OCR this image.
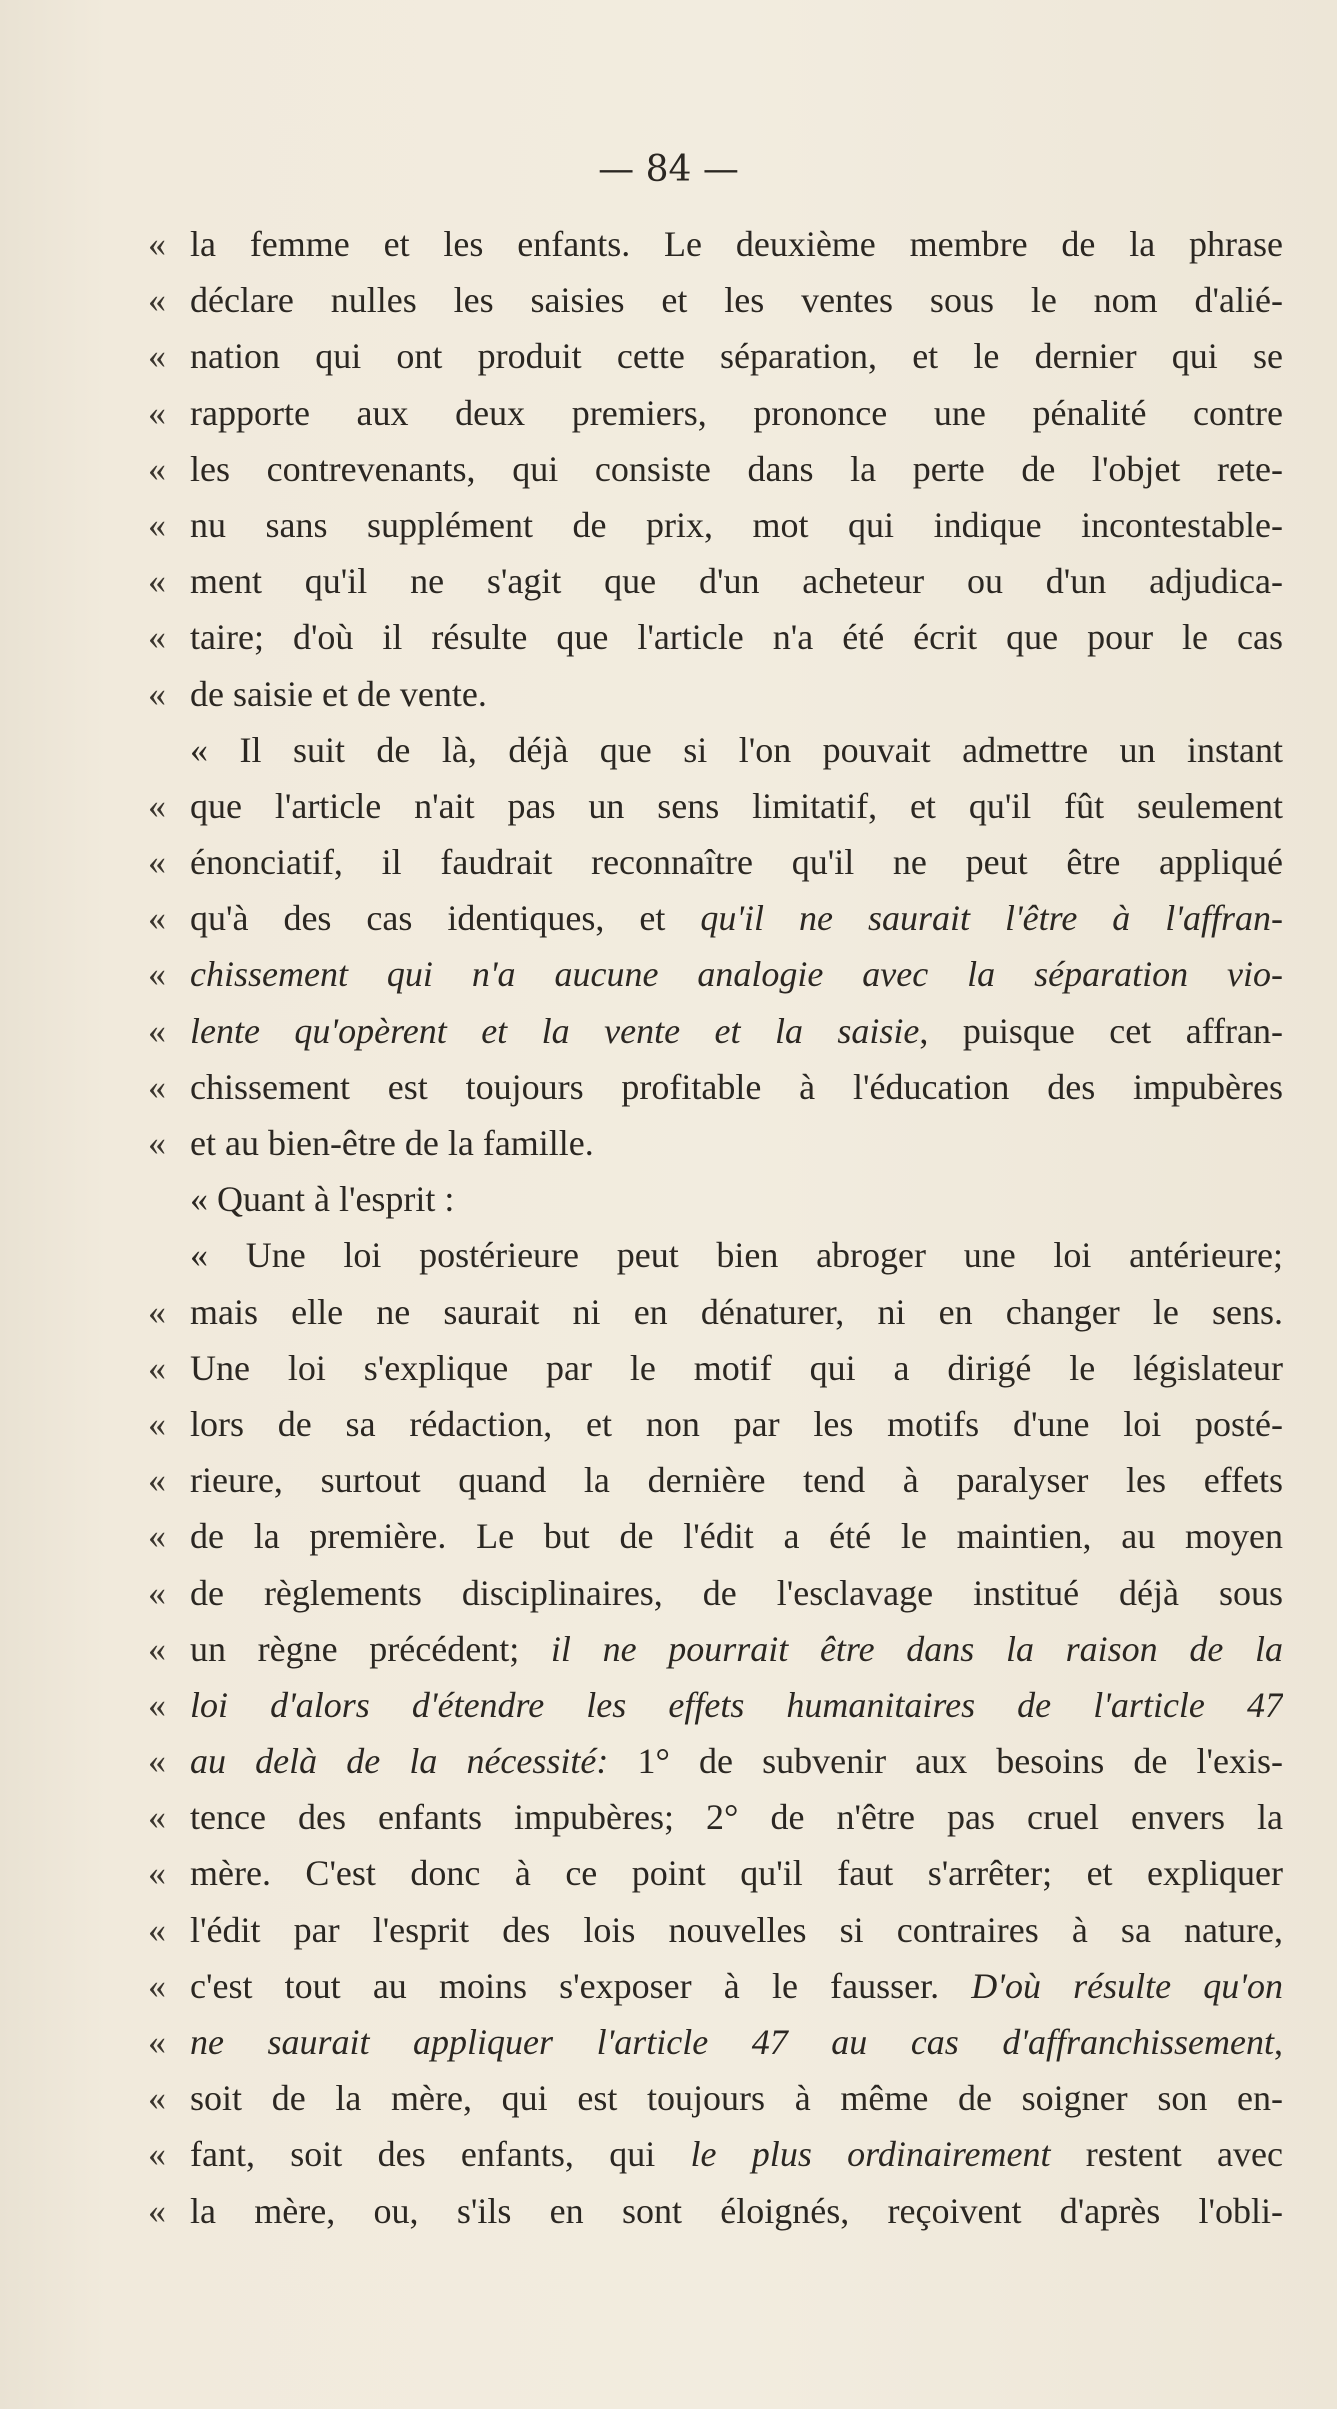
— 84 —
« la femme et les enfants. Le deuxième membre de la phrase
« déclare nulles les saisies et les ventes sous le nom d'alié-
« nation qui ont produit cette séparation, et le dernier qui se
« rapporte aux deux premiers, prononce une pénalité contre
« les contrevenants, qui consiste dans la perte de l'objet rete-
« nu sans supplément de prix, mot qui indique incontestable-
« ment qu'il ne s'agit que d'un acheteur ou d'un adjudica-
« taire; d'où il résulte que l'article n'a été écrit que pour le cas
« de saisie et de vente.
« Il suit de là, déjà que si l'on pouvait admettre un instant
« que l'article n'ait pas un sens limitatif, et qu'il fût seulement
« énonciatif, il faudrait reconnaître qu'il ne peut être appliqué
« qu'à des cas identiques, et qu'il ne saurait l'être à l'affran-
« chissement qui n'a aucune analogie avec la séparation vio-
« lente qu'opèrent et la vente et la saisie, puisque cet affran-
« chissement est toujours profitable à l'éducation des impubères
« et au bien-être de la famille.
« Quant à l'esprit :
« Une loi postérieure peut bien abroger une loi antérieure;
« mais elle ne saurait ni en dénaturer, ni en changer le sens.
« Une loi s'explique par le motif qui a dirigé le législateur
« lors de sa rédaction, et non par les motifs d'une loi posté-
« rieure, surtout quand la dernière tend à paralyser les effets
« de la première. Le but de l'édit a été le maintien, au moyen
« de règlements disciplinaires, de l'esclavage institué déjà sous
« un règne précédent; il ne pourrait être dans la raison de la
« loi d'alors d'étendre les effets humanitaires de l'article 47
« au delà de la nécessité: 1° de subvenir aux besoins de l'exis-
« tence des enfants impubères; 2° de n'être pas cruel envers la
« mère. C'est donc à ce point qu'il faut s'arrêter; et expliquer
« l'édit par l'esprit des lois nouvelles si contraires à sa nature,
« c'est tout au moins s'exposer à le fausser. D'où résulte qu'on
« ne saurait appliquer l'article 47 au cas d'affranchissement,
« soit de la mère, qui est toujours à même de soigner son en-
« fant, soit des enfants, qui le plus ordinairement restent avec
« la mère, ou, s'ils en sont éloignés, reçoivent d'après l'obli-
